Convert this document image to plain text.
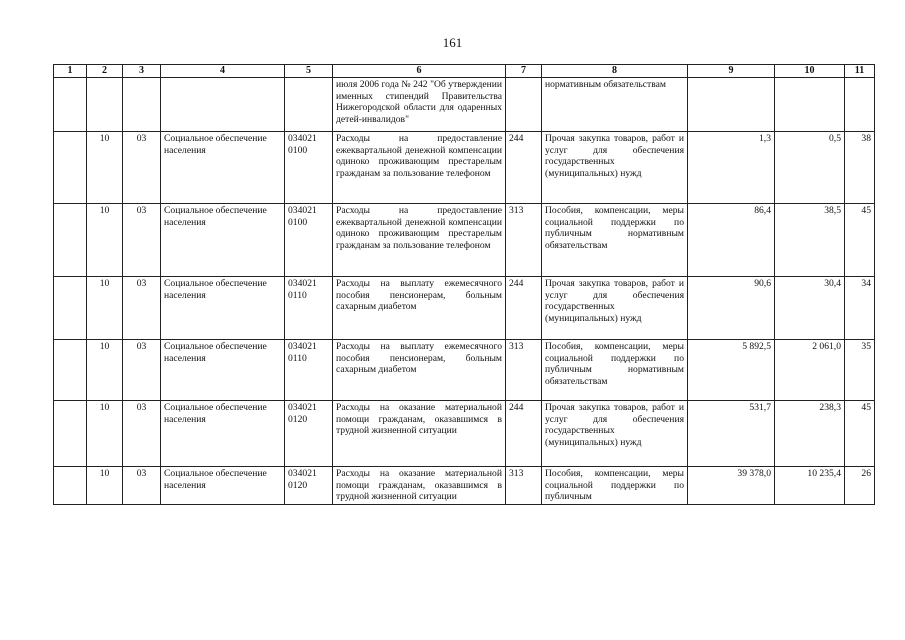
161
1	2	3	4	5	6	7	8	9	10	11
					июля 2006 года № 242 "Об утверждении именных стипендий Правительства Нижегородской области для одаренных детей-инвалидов"		нормативным обязательствам			
	10	03	Социальное обеспечение населения	034021 0100	Расходы на предоставление ежеквартальной денежной компенсации одиноко проживающим престарелым гражданам за пользование телефоном	244	Прочая закупка товаров, работ и услуг для обеспечения государственных (муниципальных) нужд	1,3	0,5	38
	10	03	Социальное обеспечение населения	034021 0100	Расходы на предоставление ежеквартальной денежной компенсации одиноко проживающим престарелым гражданам за пользование телефоном	313	Пособия, компенсации, меры социальной поддержки по публичным нормативным обязательствам	86,4	38,5	45
	10	03	Социальное обеспечение населения	034021 0110	Расходы на выплату ежемесячного пособия пенсионерам, больным сахарным диабетом	244	Прочая закупка товаров, работ и услуг для обеспечения государственных (муниципальных) нужд	90,6	30,4	34
	10	03	Социальное обеспечение населения	034021 0110	Расходы на выплату ежемесячного пособия пенсионерам, больным сахарным диабетом	313	Пособия, компенсации, меры социальной поддержки по публичным нормативным обязательствам	5 892,5	2 061,0	35
	10	03	Социальное обеспечение населения	034021 0120	Расходы на оказание материальной помощи гражданам, оказавшимся в трудной жизненной ситуации	244	Прочая закупка товаров, работ и услуг для обеспечения государственных (муниципальных) нужд	531,7	238,3	45
	10	03	Социальное обеспечение населения	034021 0120	Расходы на оказание материальной помощи гражданам, оказавшимся в трудной жизненной ситуации	313	Пособия, компенсации, меры социальной поддержки по публичным	39 378,0	10 235,4	26
